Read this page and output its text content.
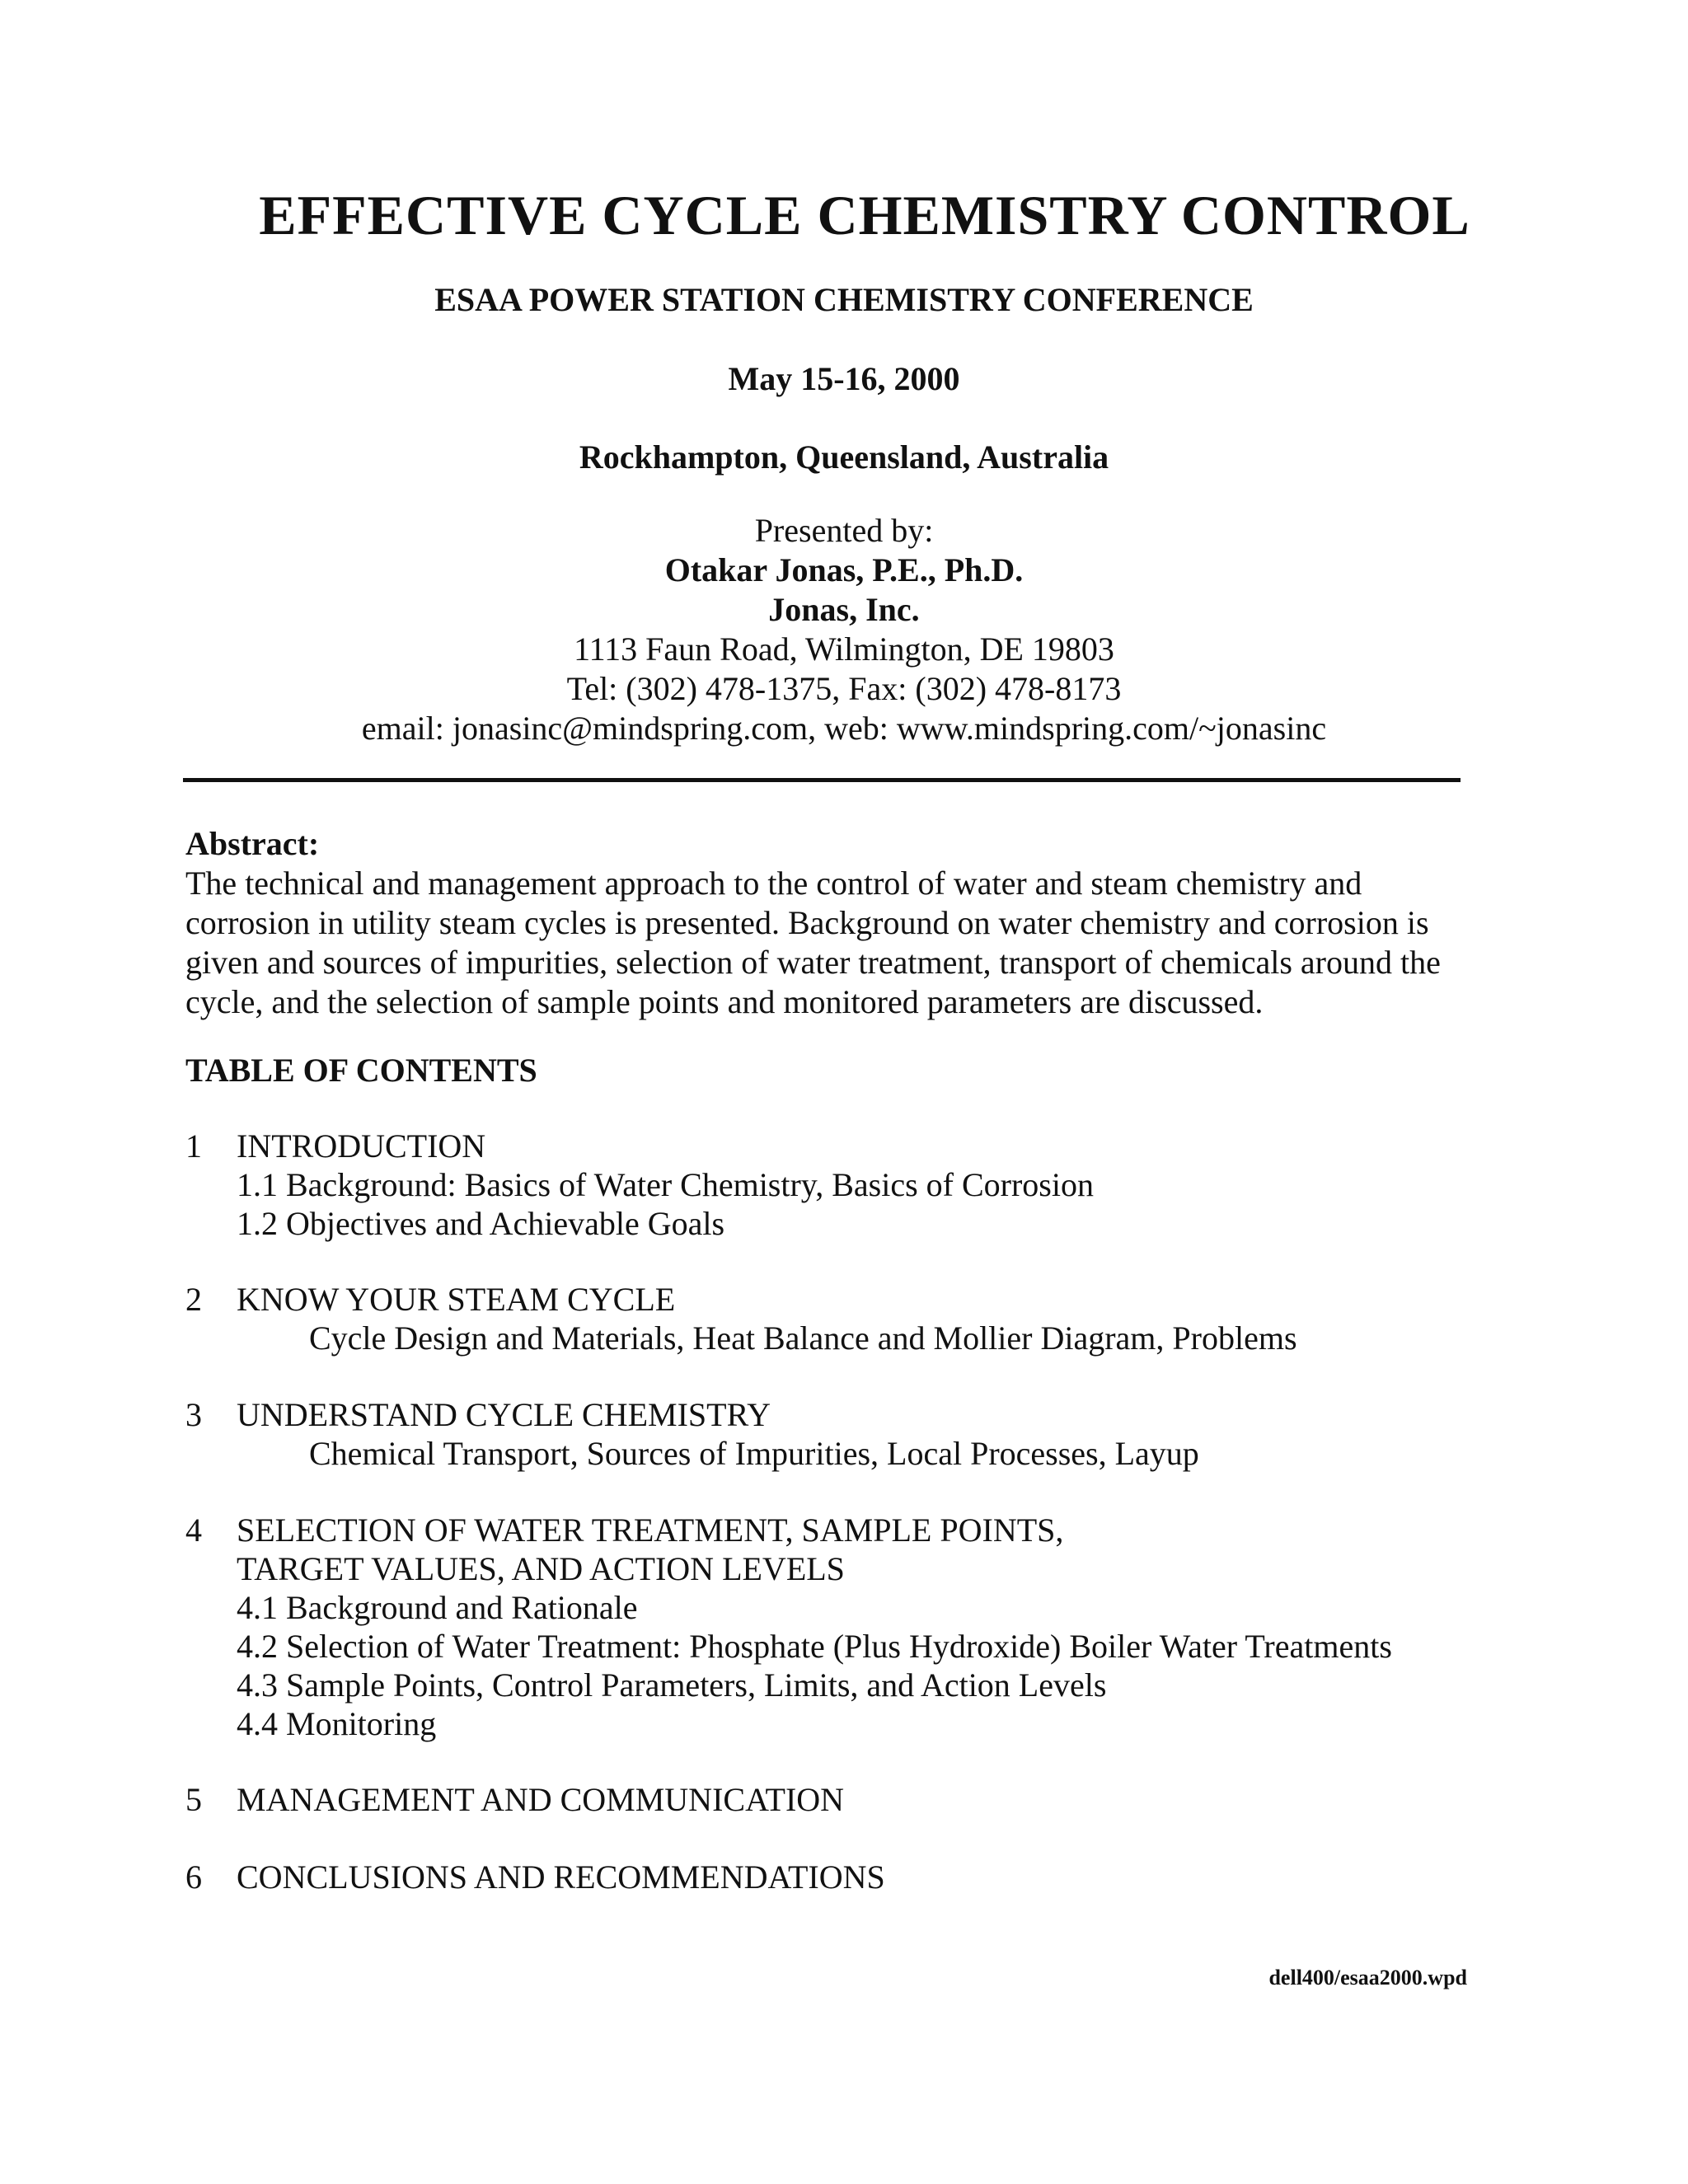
EFFECTIVE CYCLE CHEMISTRY CONTROL
ESAA POWER STATION CHEMISTRY CONFERENCE
May 15-16, 2000
Rockhampton, Queensland, Australia
Presented by:
Otakar Jonas, P.E., Ph.D.
Jonas, Inc.
1113 Faun Road, Wilmington, DE 19803
Tel: (302) 478-1375, Fax: (302) 478-8173
email: jonasinc@mindspring.com, web: www.mindspring.com/~jonasinc
Abstract:
The technical and management approach to the control of water and steam chemistry and
corrosion in utility steam cycles is presented. Background on water chemistry and corrosion is
given and sources of impurities, selection of water treatment, transport of chemicals around the
cycle, and the selection of sample points and monitored parameters are discussed.
TABLE OF CONTENTS
1 INTRODUCTION
1.1 Background: Basics of Water Chemistry, Basics of Corrosion
1.2 Objectives and Achievable Goals
2 KNOW YOUR STEAM CYCLE
Cycle Design and Materials, Heat Balance and Mollier Diagram, Problems
3 UNDERSTAND CYCLE CHEMISTRY
Chemical Transport, Sources of Impurities, Local Processes, Layup
4 SELECTION OF WATER TREATMENT, SAMPLE POINTS,
TARGET VALUES, AND ACTION LEVELS
4.1 Background and Rationale
4.2 Selection of Water Treatment: Phosphate (Plus Hydroxide) Boiler Water Treatments
4.3 Sample Points, Control Parameters, Limits, and Action Levels
4.4 Monitoring
5 MANAGEMENT AND COMMUNICATION
6 CONCLUSIONS AND RECOMMENDATIONS
dell400/esaa2000.wpd
